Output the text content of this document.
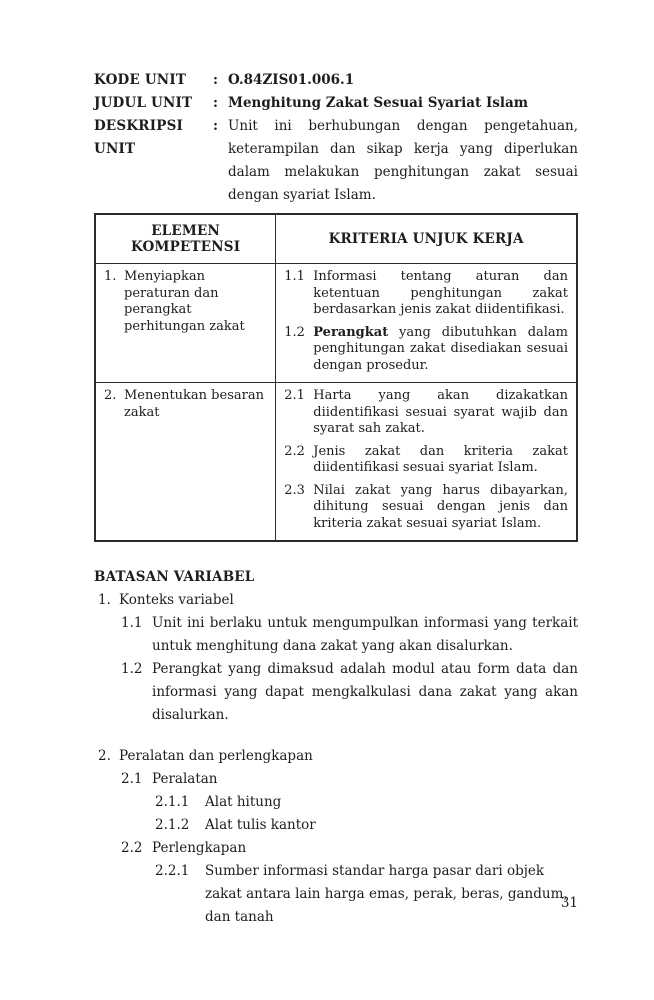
KODE UNIT	: O.84ZIS01.006.1
JUDUL UNIT	: Menghitung Zakat Sesuai Syariat Islam
DESKRIPSI UNIT
: Unit ini berhubungan dengan pengetahuan, keterampilan dan sikap kerja yang diperlukan dalam melakukan penghitungan zakat sesuai dengan syariat Islam.
ELEMEN KOMPETENSI	KRITERIA UNJUK KERJA

1. Menyiapkan peraturan dan perangkat perhitungan zakat

1.1 Informasi tentang aturan dan ketentuan penghitungan zakat berdasarkan jenis zakat diidentifikasi.
1.2 Perangkat yang dibutuhkan dalam penghitungan zakat disediakan sesuai dengan prosedur.

2. Menentukan besaran zakat

2.1 Harta yang akan dizakatkan diidentifikasi sesuai syarat wajib dan syarat sah zakat.
2.2 Jenis zakat dan kriteria zakat diidentifikasi sesuai syariat Islam.
2.3 Nilai zakat yang harus dibayarkan, dihitung sesuai dengan jenis dan kriteria zakat sesuai syariat Islam.
BATASAN VARIABEL
1. Konteks variabel
1.1 Unit ini berlaku untuk mengumpulkan informasi yang terkait untuk menghitung dana zakat yang akan disalurkan.
1.2 Perangkat yang dimaksud adalah modul atau form data dan informasi yang dapat mengkalkulasi dana zakat yang akan disalurkan.
2. Peralatan dan perlengkapan
2.1 Peralatan
2.1.1	Alat hitung
2.1.2	Alat tulis kantor
2.2 Perlengkapan
2.2.1	Sumber informasi standar harga pasar dari objek zakat antara lain harga emas, perak, beras, gandum, dan tanah
31
